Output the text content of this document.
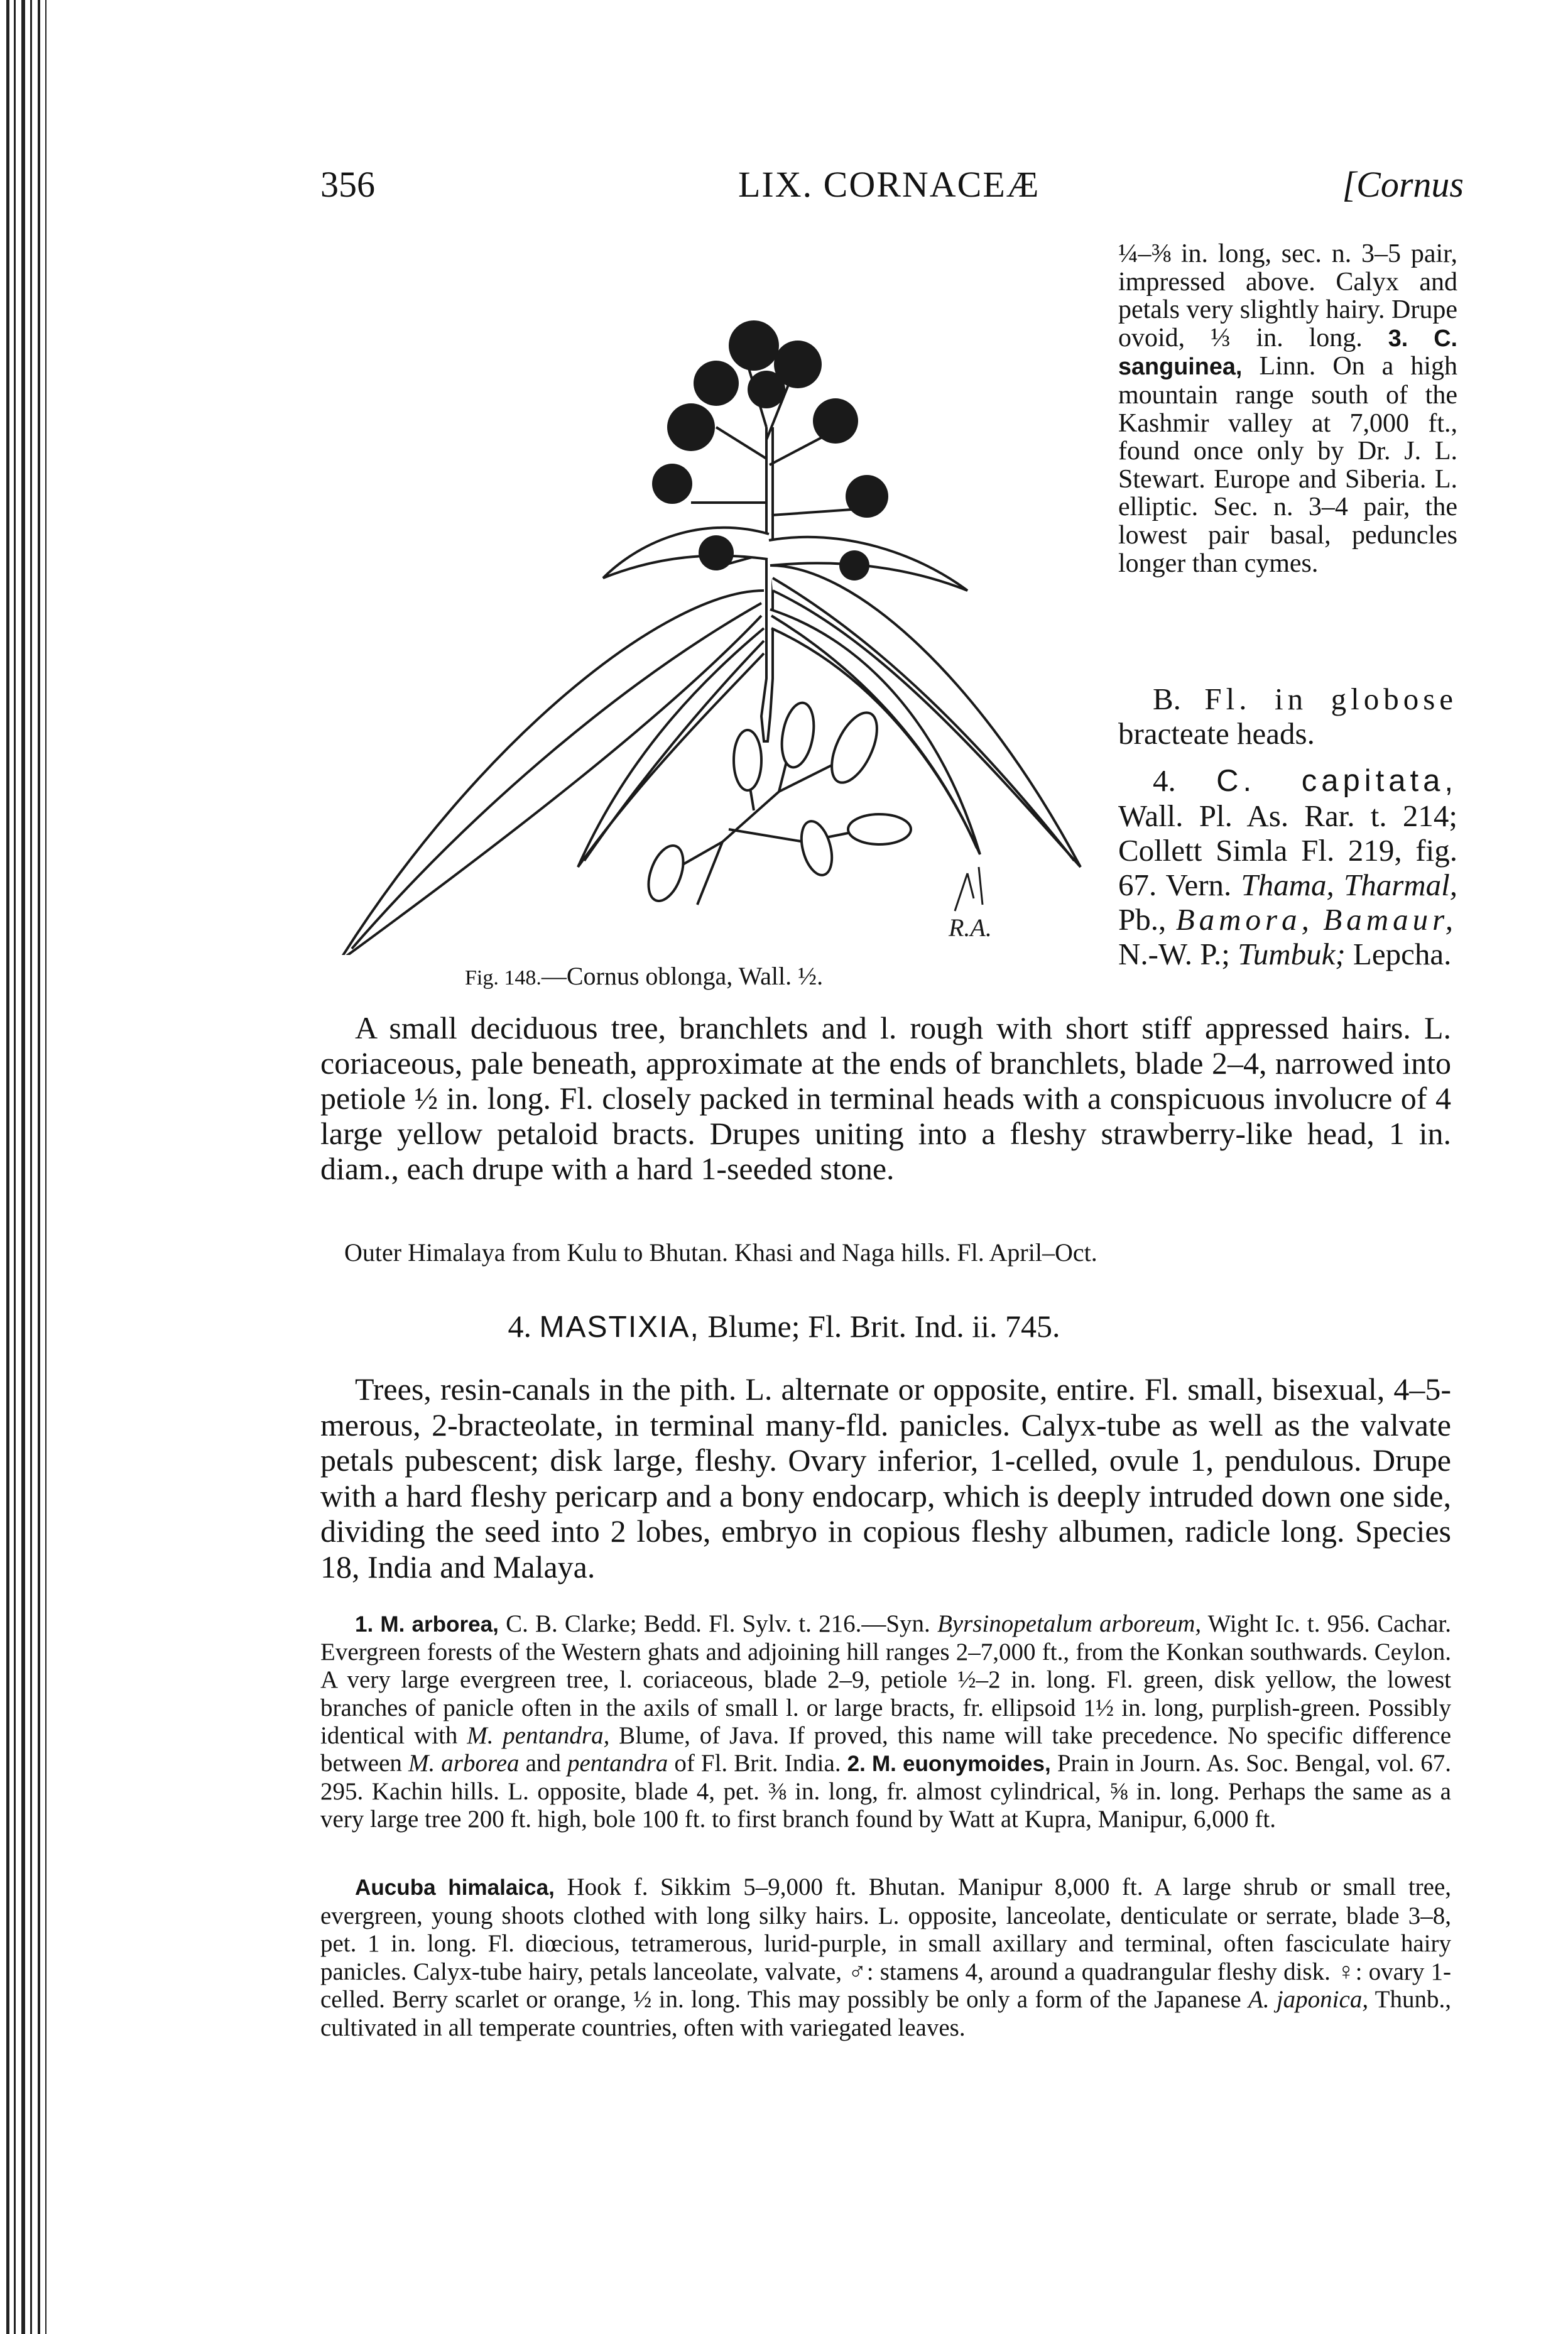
356	LIX. CORNACEÆ	[Cornus
R.A.
Fig. 148.—Cornus oblonga, Wall. ½.
¼–⅜ in. long, sec. n. 3–5 pair, impressed above. Calyx and petals very slightly hairy. Drupe ovoid, ⅓ in. long. 3. C. sanguinea, Linn. On a high mountain range south of the Kashmir valley at 7,000 ft., found once only by Dr. J. L. Stewart. Europe and Siberia. L. elliptic. Sec. n. 3–4 pair, the lowest pair basal, peduncles longer than cymes.
B. Fl. in globose bracteate heads.
4. C. capitata, Wall. Pl. As. Rar. t. 214; Collett Simla Fl. 219, fig. 67. Vern. Thama, Tharmal, Pb., Bamora, Bamaur, N.-W. P.; Tumbuk; Lepcha.
A small deciduous tree, branchlets and l. rough with short stiff appressed hairs. L. coriaceous, pale beneath, approximate at the ends of branchlets, blade 2–4, narrowed into petiole ½ in. long. Fl. closely packed in terminal heads with a conspicuous involucre of 4 large yellow petaloid bracts. Drupes uniting into a fleshy strawberry-like head, 1 in. diam., each drupe with a hard 1-seeded stone.
Outer Himalaya from Kulu to Bhutan. Khasi and Naga hills. Fl. April–Oct.
4. MASTIXIA, Blume; Fl. Brit. Ind. ii. 745.
Trees, resin-canals in the pith. L. alternate or opposite, entire. Fl. small, bisexual, 4–5-merous, 2-bracteolate, in terminal many-fld. panicles. Calyx-tube as well as the valvate petals pubescent; disk large, fleshy. Ovary inferior, 1-celled, ovule 1, pendulous. Drupe with a hard fleshy pericarp and a bony endocarp, which is deeply intruded down one side, dividing the seed into 2 lobes, embryo in copious fleshy albumen, radicle long. Species 18, India and Malaya.
1. M. arborea, C. B. Clarke; Bedd. Fl. Sylv. t. 216.—Syn. Byrsinopetalum arboreum, Wight Ic. t. 956. Cachar. Evergreen forests of the Western ghats and adjoining hill ranges 2–7,000 ft., from the Konkan southwards. Ceylon. A very large evergreen tree, l. coriaceous, blade 2–9, petiole ½–2 in. long. Fl. green, disk yellow, the lowest branches of panicle often in the axils of small l. or large bracts, fr. ellipsoid 1½ in. long, purplish-green. Possibly identical with M. pentandra, Blume, of Java. If proved, this name will take precedence. No specific difference between M. arborea and pentandra of Fl. Brit. India. 2. M. euonymoides, Prain in Journ. As. Soc. Bengal, vol. 67. 295. Kachin hills. L. opposite, blade 4, pet. ⅜ in. long, fr. almost cylindrical, ⅝ in. long. Perhaps the same as a very large tree 200 ft. high, bole 100 ft. to first branch found by Watt at Kupra, Manipur, 6,000 ft.
Aucuba himalaica, Hook f. Sikkim 5–9,000 ft. Bhutan. Manipur 8,000 ft. A large shrub or small tree, evergreen, young shoots clothed with long silky hairs. L. opposite, lanceolate, denticulate or serrate, blade 3–8, pet. 1 in. long. Fl. diœcious, tetramerous, lurid-purple, in small axillary and terminal, often fasciculate hairy panicles. Calyx-tube hairy, petals lanceolate, valvate, ♂: stamens 4, around a quadrangular fleshy disk. ♀: ovary 1-celled. Berry scarlet or orange, ½ in. long. This may possibly be only a form of the Japanese A. japonica, Thunb., cultivated in all temperate countries, often with variegated leaves.
